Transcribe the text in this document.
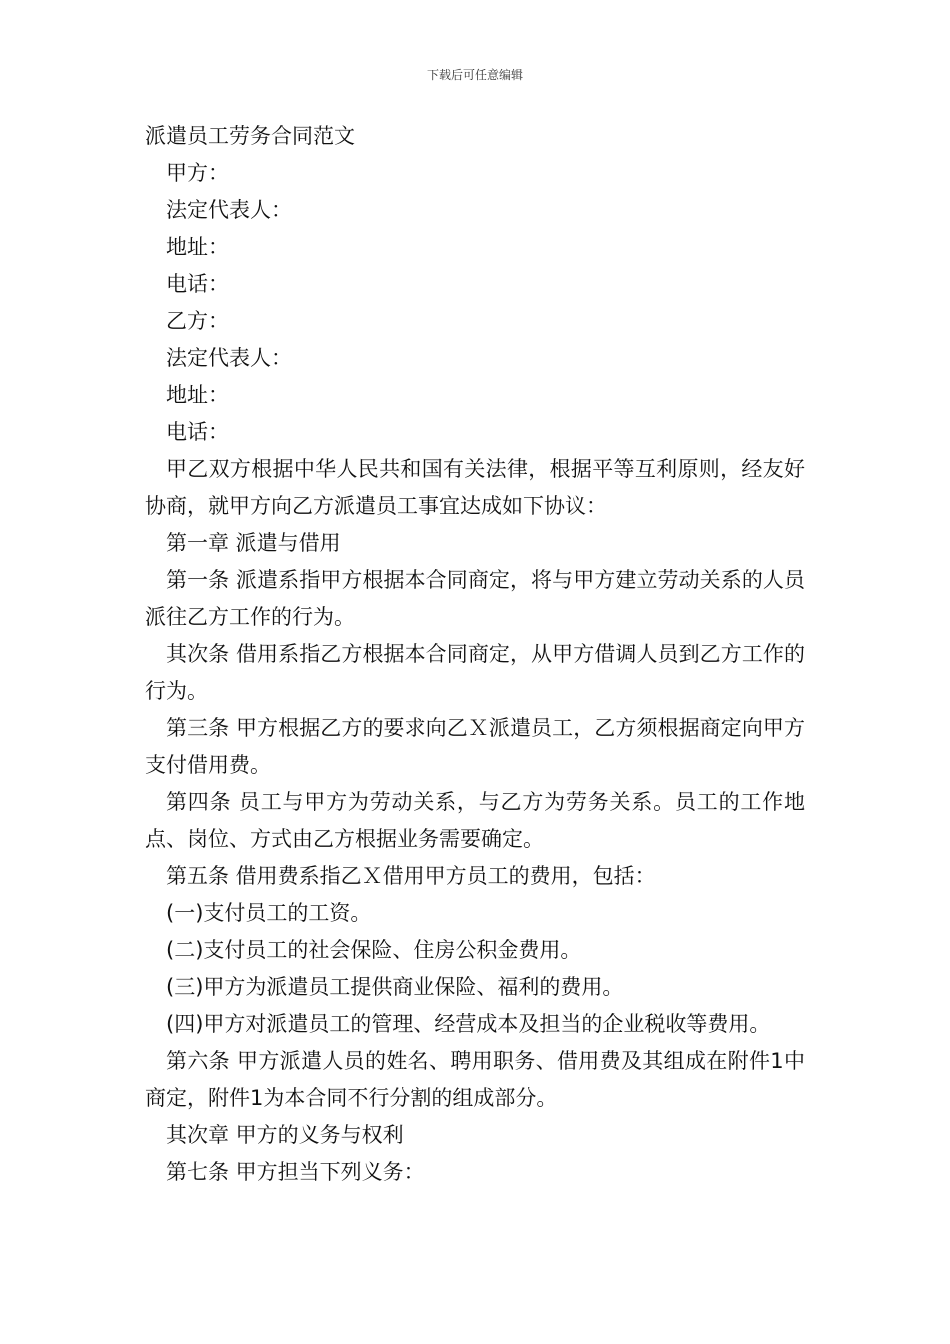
下载后可任意编辑

派遣员工劳务合同范文

甲方：

法定代表人：

地址：

电话：

乙方：

法定代表人：

地址：

电话：

甲乙双方根据中华人民共和国有关法律，根据平等互利原则，经友好协商，就甲方向乙方派遣员工事宜达成如下协议：

第一章 派遣与借用

第一条 派遣系指甲方根据本合同商定，将与甲方建立劳动关系的人员派往乙方工作的行为。

其次条 借用系指乙方根据本合同商定，从甲方借调人员到乙方工作的行为。

第三条 甲方根据乙方的要求向乙Ｘ派遣员工，乙方须根据商定向甲方支付借用费。

第四条 员工与甲方为劳动关系，与乙方为劳务关系。员工的工作地点、岗位、方式由乙方根据业务需要确定。

第五条 借用费系指乙Ｘ借用甲方员工的费用，包括：

(一)支付员工的工资。

(二)支付员工的社会保险、住房公积金费用。

(三)甲方为派遣员工提供商业保险、福利的费用。

(四)甲方对派遣员工的管理、经营成本及担当的企业税收等费用。

第六条 甲方派遣人员的姓名、聘用职务、借用费及其组成在附件1中商定，附件1为本合同不行分割的组成部分。

其次章 甲方的义务与权利

第七条 甲方担当下列义务：
